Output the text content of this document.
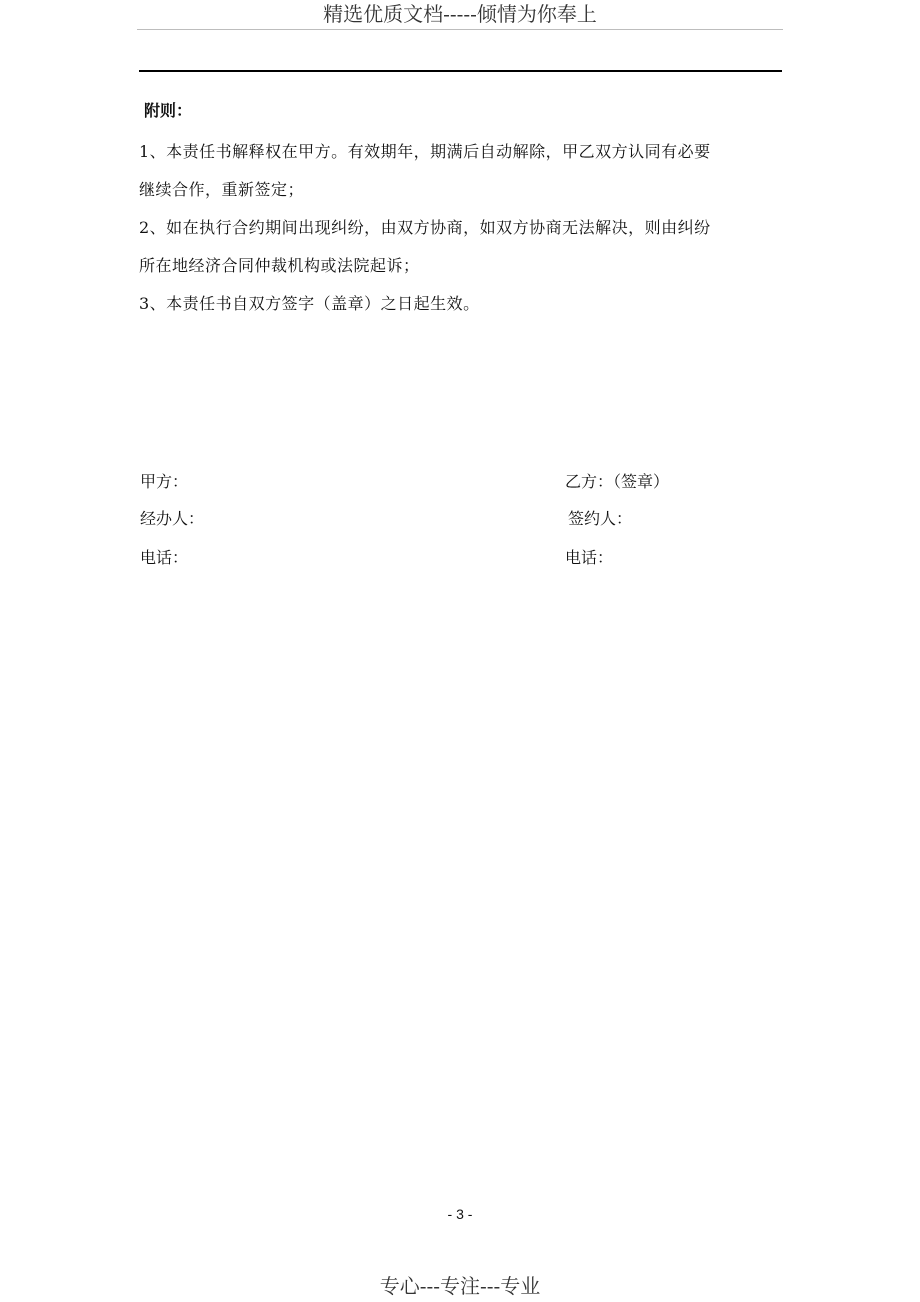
精选优质文档-----倾情为你奉上
附则：
1、本责任书解释权在甲方。有效期年，期满后自动解除，甲乙双方认同有必要
继续合作，重新签定；
2、如在执行合约期间出现纠纷，由双方协商，如双方协商无法解决，则由纠纷
所在地经济合同仲裁机构或法院起诉；
3、本责任书自双方签字（盖章）之日起生效。
甲方：
经办人：
电话：
乙方：（签章）
签约人：
电话：
- 3 -
专心---专注---专业
